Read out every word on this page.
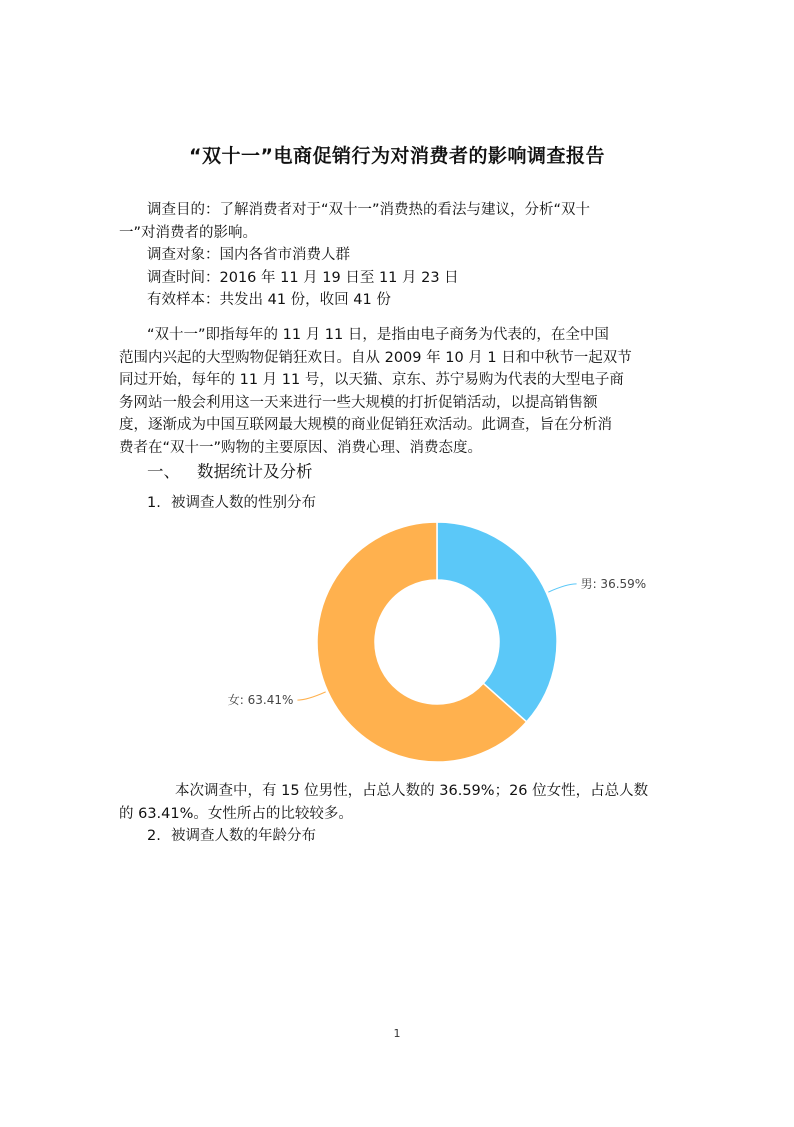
“双十一”电商促销行为对消费者的影响调查报告
调查目的：了解消费者对于“双十一”消费热的看法与建议，分析“双十
一”对消费者的影响。
调查对象：国内各省市消费人群
调查时间：2016 年 11 月 19 日至 11 月 23 日
有效样本：共发出 41 份，收回 41 份
“双十一”即指每年的 11 月 11 日，是指由电子商务为代表的，在全中国
范围内兴起的大型购物促销狂欢日。自从 2009 年 10 月 1 日和中秋节一起双节
同过开始，每年的 11 月 11 号，以天猫、京东、苏宁易购为代表的大型电子商
务网站一般会利用这一天来进行一些大规模的打折促销活动，以提高销售额
度，逐渐成为中国互联网最大规模的商业促销狂欢活动。此调查，旨在分析消
费者在“双十一”购物的主要原因、消费心理、消费态度。
一、 数据统计及分析
1. 被调查人数的性别分布
男: 36.59%
女: 63.41%
本次调查中，有 15 位男性，占总人数的 36.59%；26 位女性，占总人数
的 63.41%。女性所占的比较较多。
2. 被调查人数的年龄分布
1
